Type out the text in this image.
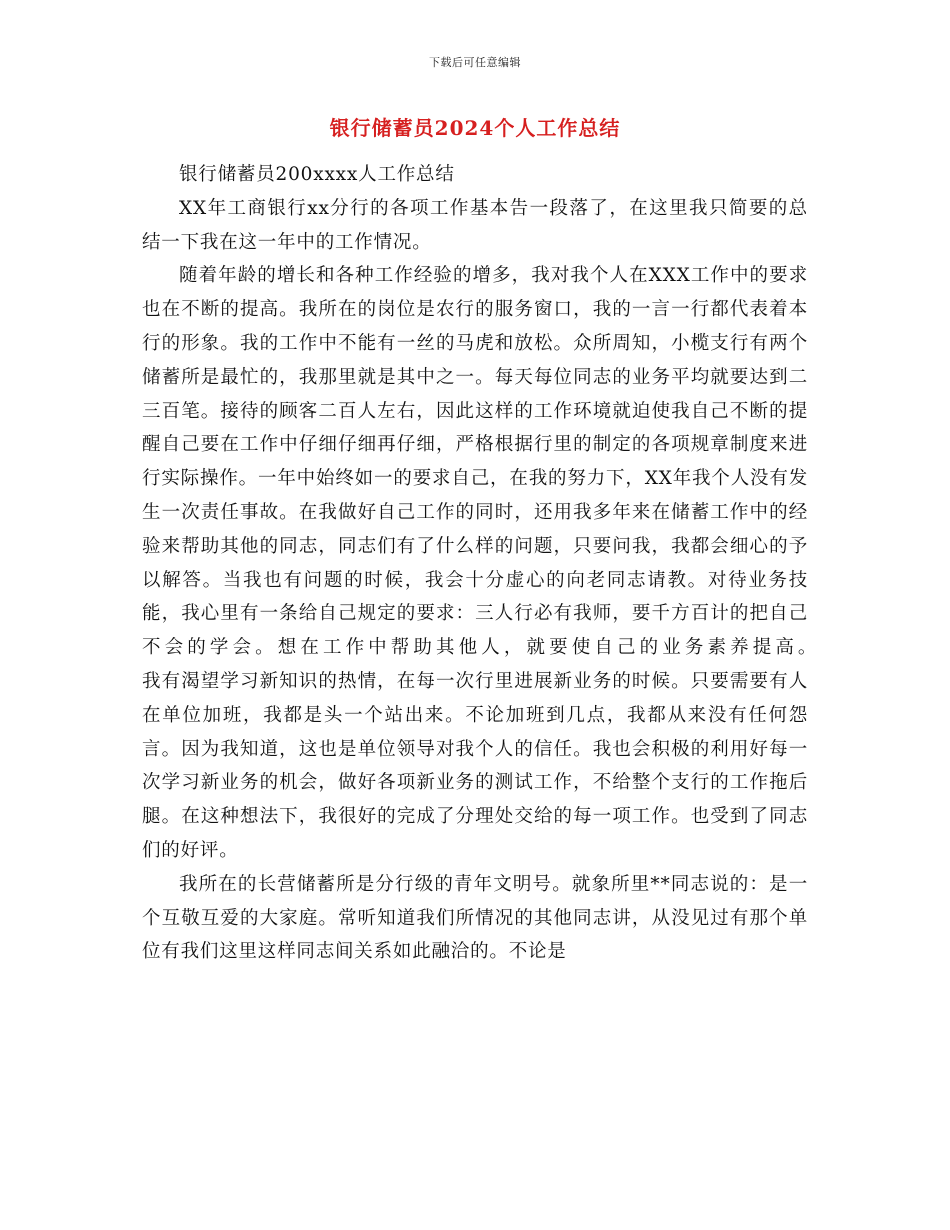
下载后可任意编辑
银行储蓄员2024个人工作总结

银行储蓄员200xxxx人工作总结

XX年工商银行xx分行的各项工作基本告一段落了，在这里我只简要的总结一下我在这一年中的工作情况。

随着年龄的增长和各种工作经验的增多，我对我个人在XXX工作中的要求也在不断的提高。我所在的岗位是农行的服务窗口，我的一言一行都代表着本行的形象。我的工作中不能有一丝的马虎和放松。众所周知，小榄支行有两个储蓄所是最忙的，我那里就是其中之一。每天每位同志的业务平均就要达到二三百笔。接待的顾客二百人左右，因此这样的工作环境就迫使我自己不断的提醒自己要在工作中仔细仔细再仔细，严格根据行里的制定的各项规章制度来进行实际操作。一年中始终如一的要求自己，在我的努力下，XX年我个人没有发生一次责任事故。在我做好自己工作的同时，还用我多年来在储蓄工作中的经验来帮助其他的同志，同志们有了什么样的问题，只要问我，我都会细心的予以解答。当我也有问题的时候，我会十分虚心的向老同志请教。对待业务技能，我心里有一条给自己规定的要求：三人行必有我师，要千方百计的把自己不会的学会。想在工作中帮助其他人，就要使自己的业务素养提高。　　　　我有渴望学习新知识的热情，在每一次行里进展新业务的时候。只要需要有人在单位加班，我都是头一个站出来。不论加班到几点，我都从来没有任何怨言。因为我知道，这也是单位领导对我个人的信任。我也会积极的利用好每一次学习新业务的机会，做好各项新业务的测试工作，不给整个支行的工作拖后腿。在这种想法下，我很好的完成了分理处交给的每一项工作。也受到了同志们的好评。

我所在的长营储蓄所是分行级的青年文明号。就象所里**同志说的：是一个互敬互爱的大家庭。常听知道我们所情况的其他同志讲，从没见过有那个单位有我们这里这样同志间关系如此融洽的。不论是
